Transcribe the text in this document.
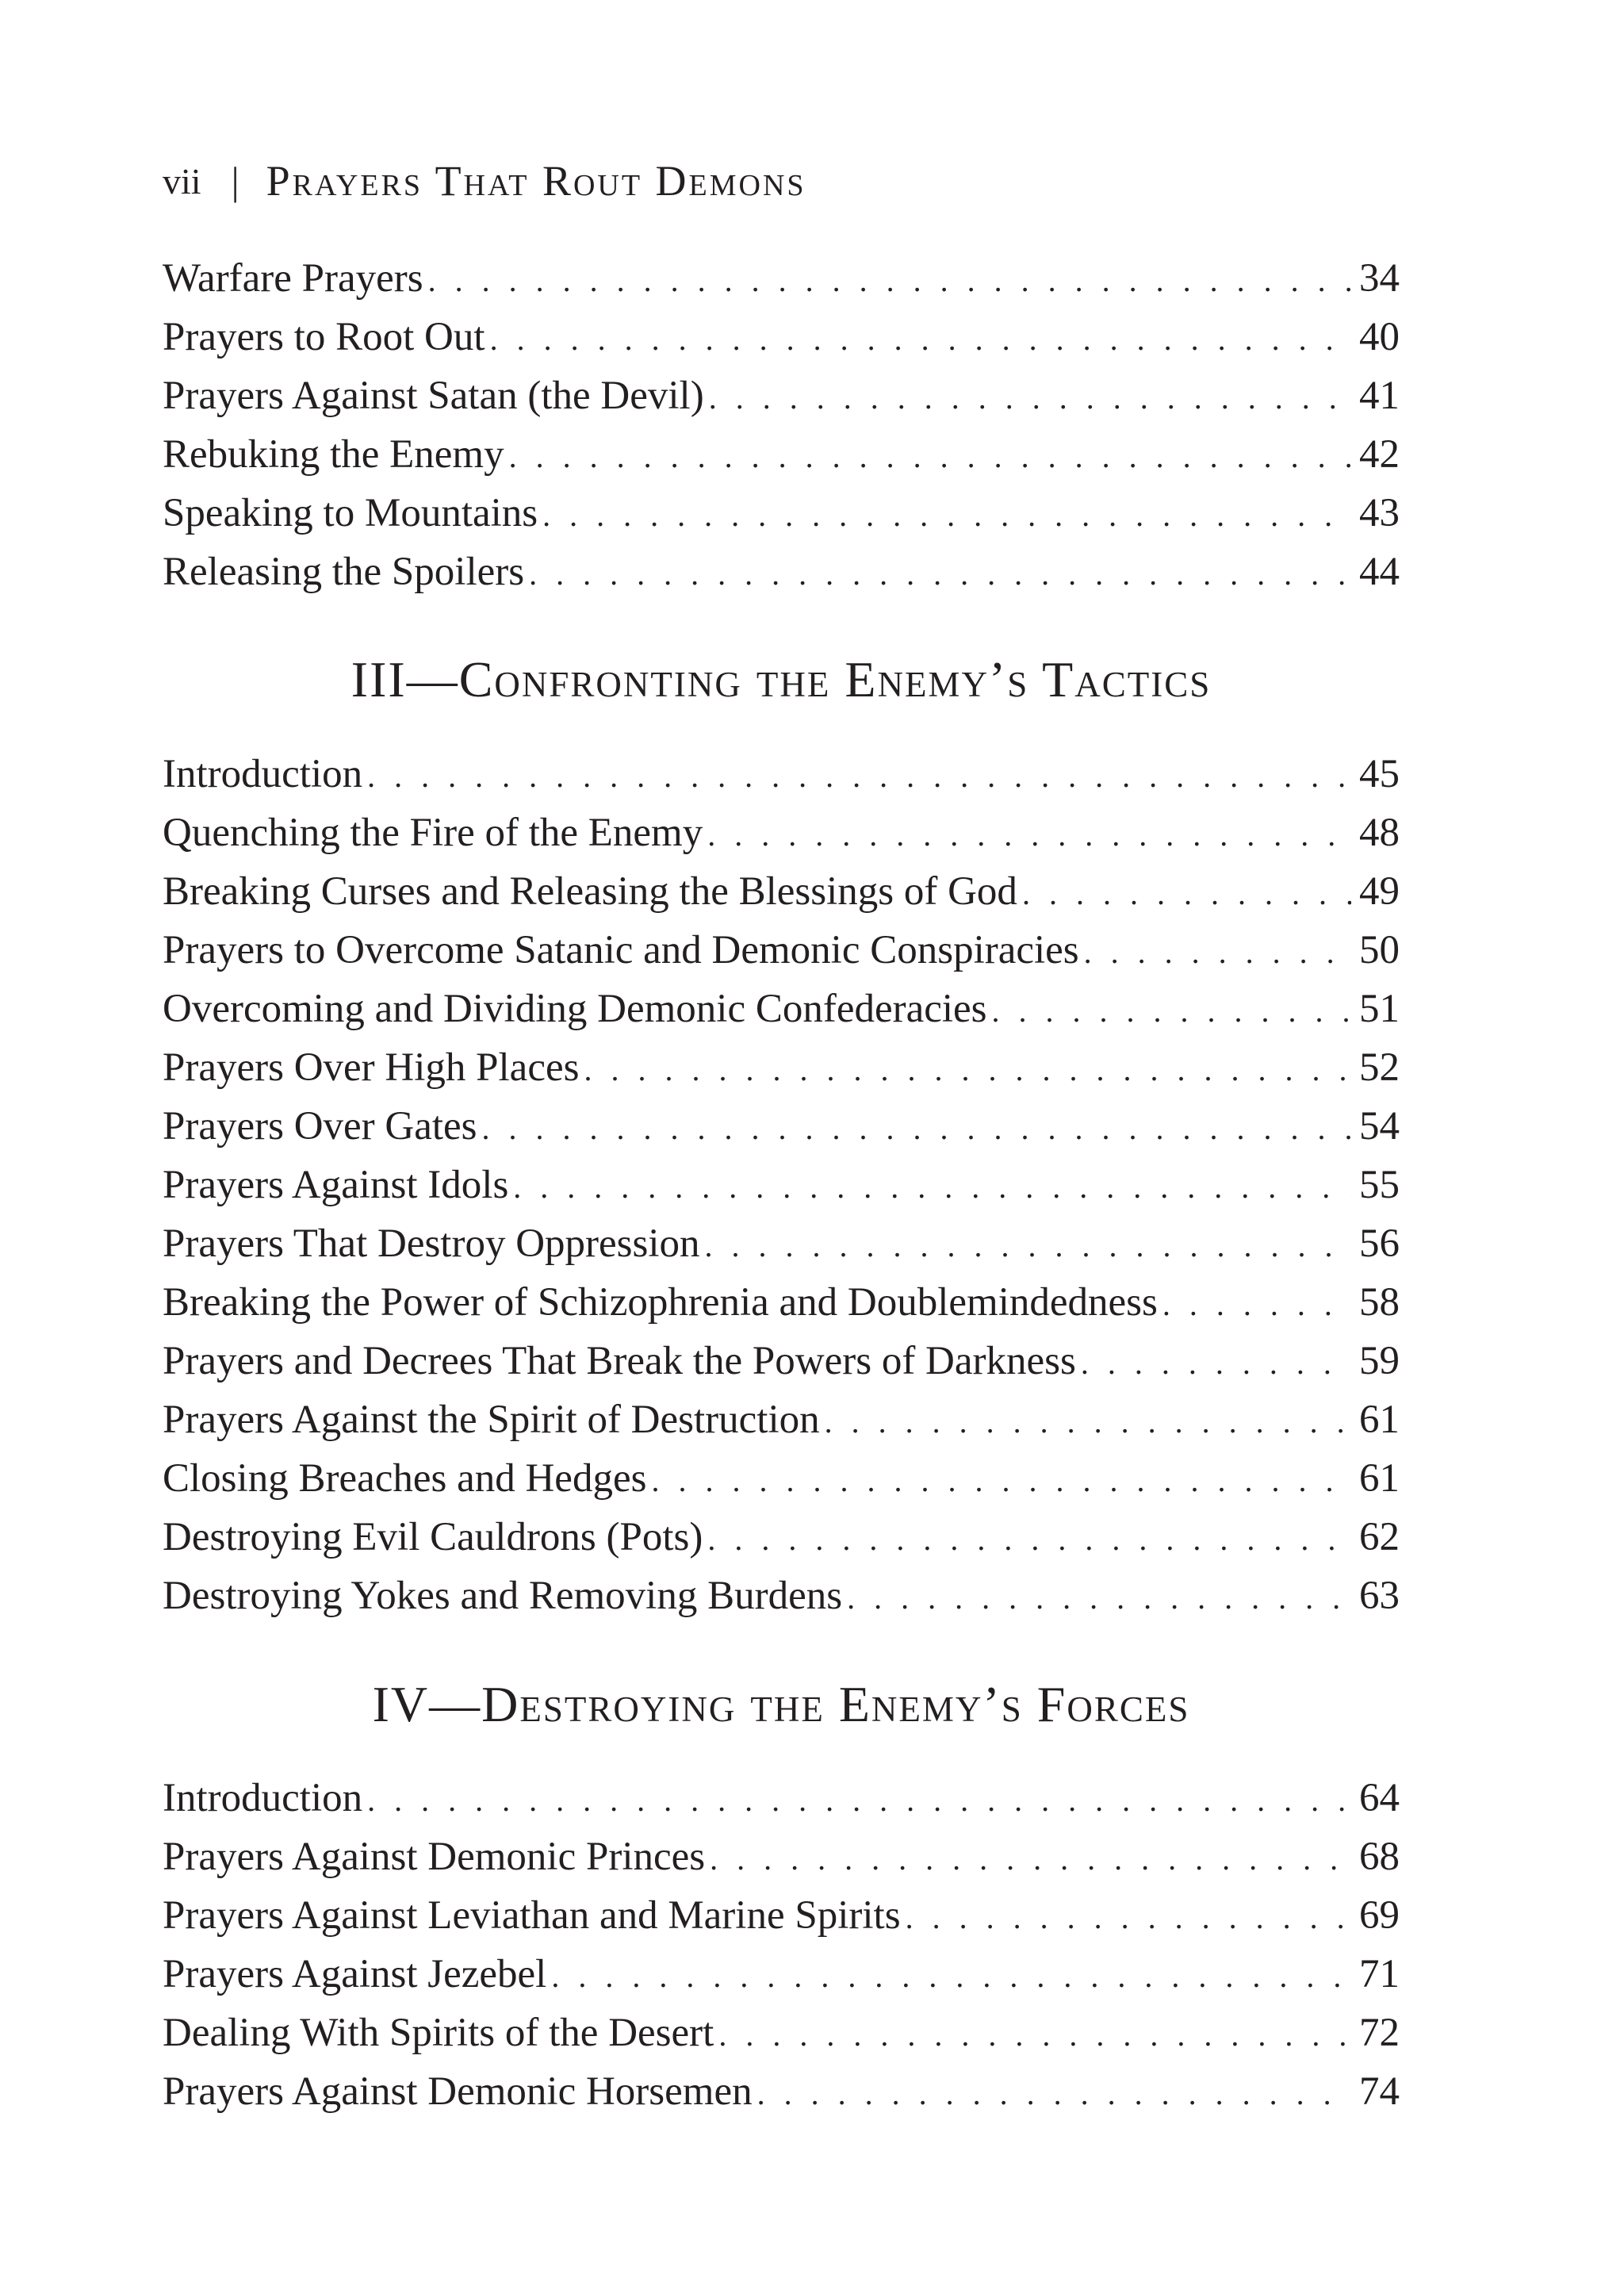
vii | Prayers That Rout Demons
Warfare Prayers . . .	34
Prayers to Root Out . . .	40
Prayers Against Satan (the Devil) . . .	41
Rebuking the Enemy . . .	42
Speaking to Mountains . . .	43
Releasing the Spoilers . . .	44
III—Confronting the Enemy’s Tactics
Introduction . . .	45
Quenching the Fire of the Enemy . . .	48
Breaking Curses and Releasing the Blessings of God . . .	49
Prayers to Overcome Satanic and Demonic Conspiracies . . .	50
Overcoming and Dividing Demonic Confederacies . . .	51
Prayers Over High Places . . .	52
Prayers Over Gates . . .	54
Prayers Against Idols . . .	55
Prayers That Destroy Oppression . . .	56
Breaking the Power of Schizophrenia and Doublemindedness . . .	58
Prayers and Decrees That Break the Powers of Darkness . . .	59
Prayers Against the Spirit of Destruction . . .	61
Closing Breaches and Hedges . . .	61
Destroying Evil Cauldrons (Pots) . . .	62
Destroying Yokes and Removing Burdens . . .	63
IV—Destroying the Enemy’s Forces
Introduction . . .	64
Prayers Against Demonic Princes . . .	68
Prayers Against Leviathan and Marine Spirits . . .	69
Prayers Against Jezebel . . .	71
Dealing With Spirits of the Desert . . .	72
Prayers Against Demonic Horsemen . . .	74
